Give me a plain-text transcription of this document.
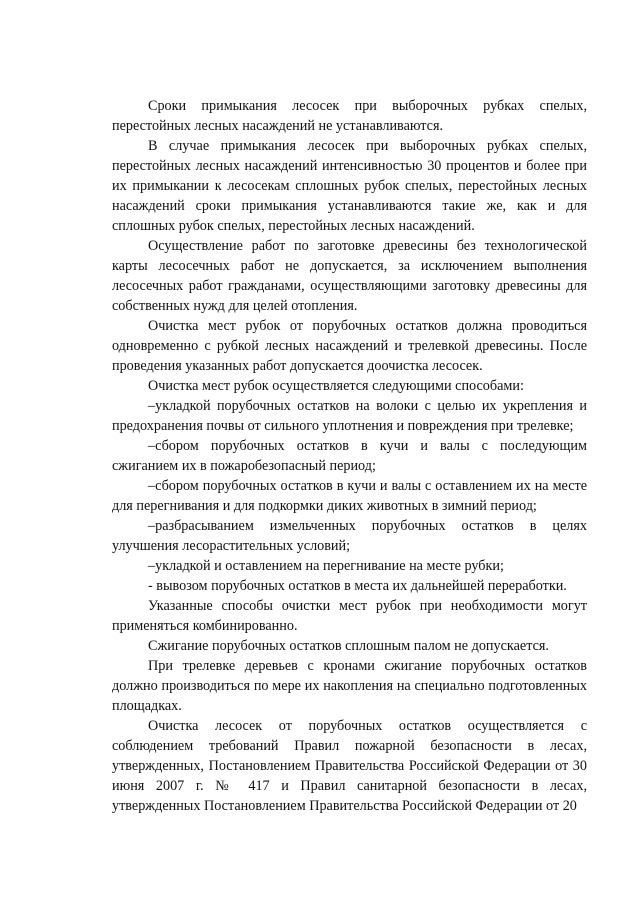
Сроки примыкания лесосек при выборочных рубках спелых, перестойных лесных насаждений не устанавливаются.

В случае примыкания лесосек при выборочных рубках спелых, перестойных лесных насаждений интенсивностью 30 процентов и более при их примыкании к лесосекам сплошных рубок спелых, перестойных лесных насаждений сроки примыкания устанавливаются такие же, как и для сплошных рубок спелых, перестойных лесных насаждений.

Осуществление работ по заготовке древесины без технологической карты лесосечных работ не допускается, за исключением выполнения лесосечных работ гражданами, осуществляющими заготовку древесины для собственных нужд для целей отопления.

Очистка мест рубок от порубочных остатков должна проводиться одновременно с рубкой лесных насаждений и трелевкой древесины. После проведения указанных работ допускается доочистка лесосек.

Очистка мест рубок осуществляется следующими способами:

–укладкой порубочных остатков на волоки с целью их укрепления и предохранения почвы от сильного уплотнения и повреждения при трелевке;

–сбором порубочных остатков в кучи и валы с последующим сжиганием их в пожаробезопасный период;

–сбором порубочных остатков в кучи и валы с оставлением их на месте для перегнивания и для подкормки диких животных в зимний период;

–разбрасыванием измельченных порубочных остатков в целях улучшения лесорастительных условий;

–укладкой и оставлением на перегнивание на месте рубки;

- вывозом порубочных остатков в места их дальнейшей переработки.

Указанные способы очистки мест рубок при необходимости могут применяться комбинированно.

Сжигание порубочных остатков сплошным палом не допускается.

При трелевке деревьев с кронами сжигание порубочных остатков должно производиться по мере их накопления на специально подготовленных площадках.

Очистка лесосек от порубочных остатков осуществляется с соблюдением требований Правил пожарной безопасности в лесах, утвержденных, Постановлением Правительства Российской Федерации от 30 июня 2007 г. № 417 и Правил санитарной безопасности в лесах, утвержденных Постановлением Правительства Российской Федерации от 20
